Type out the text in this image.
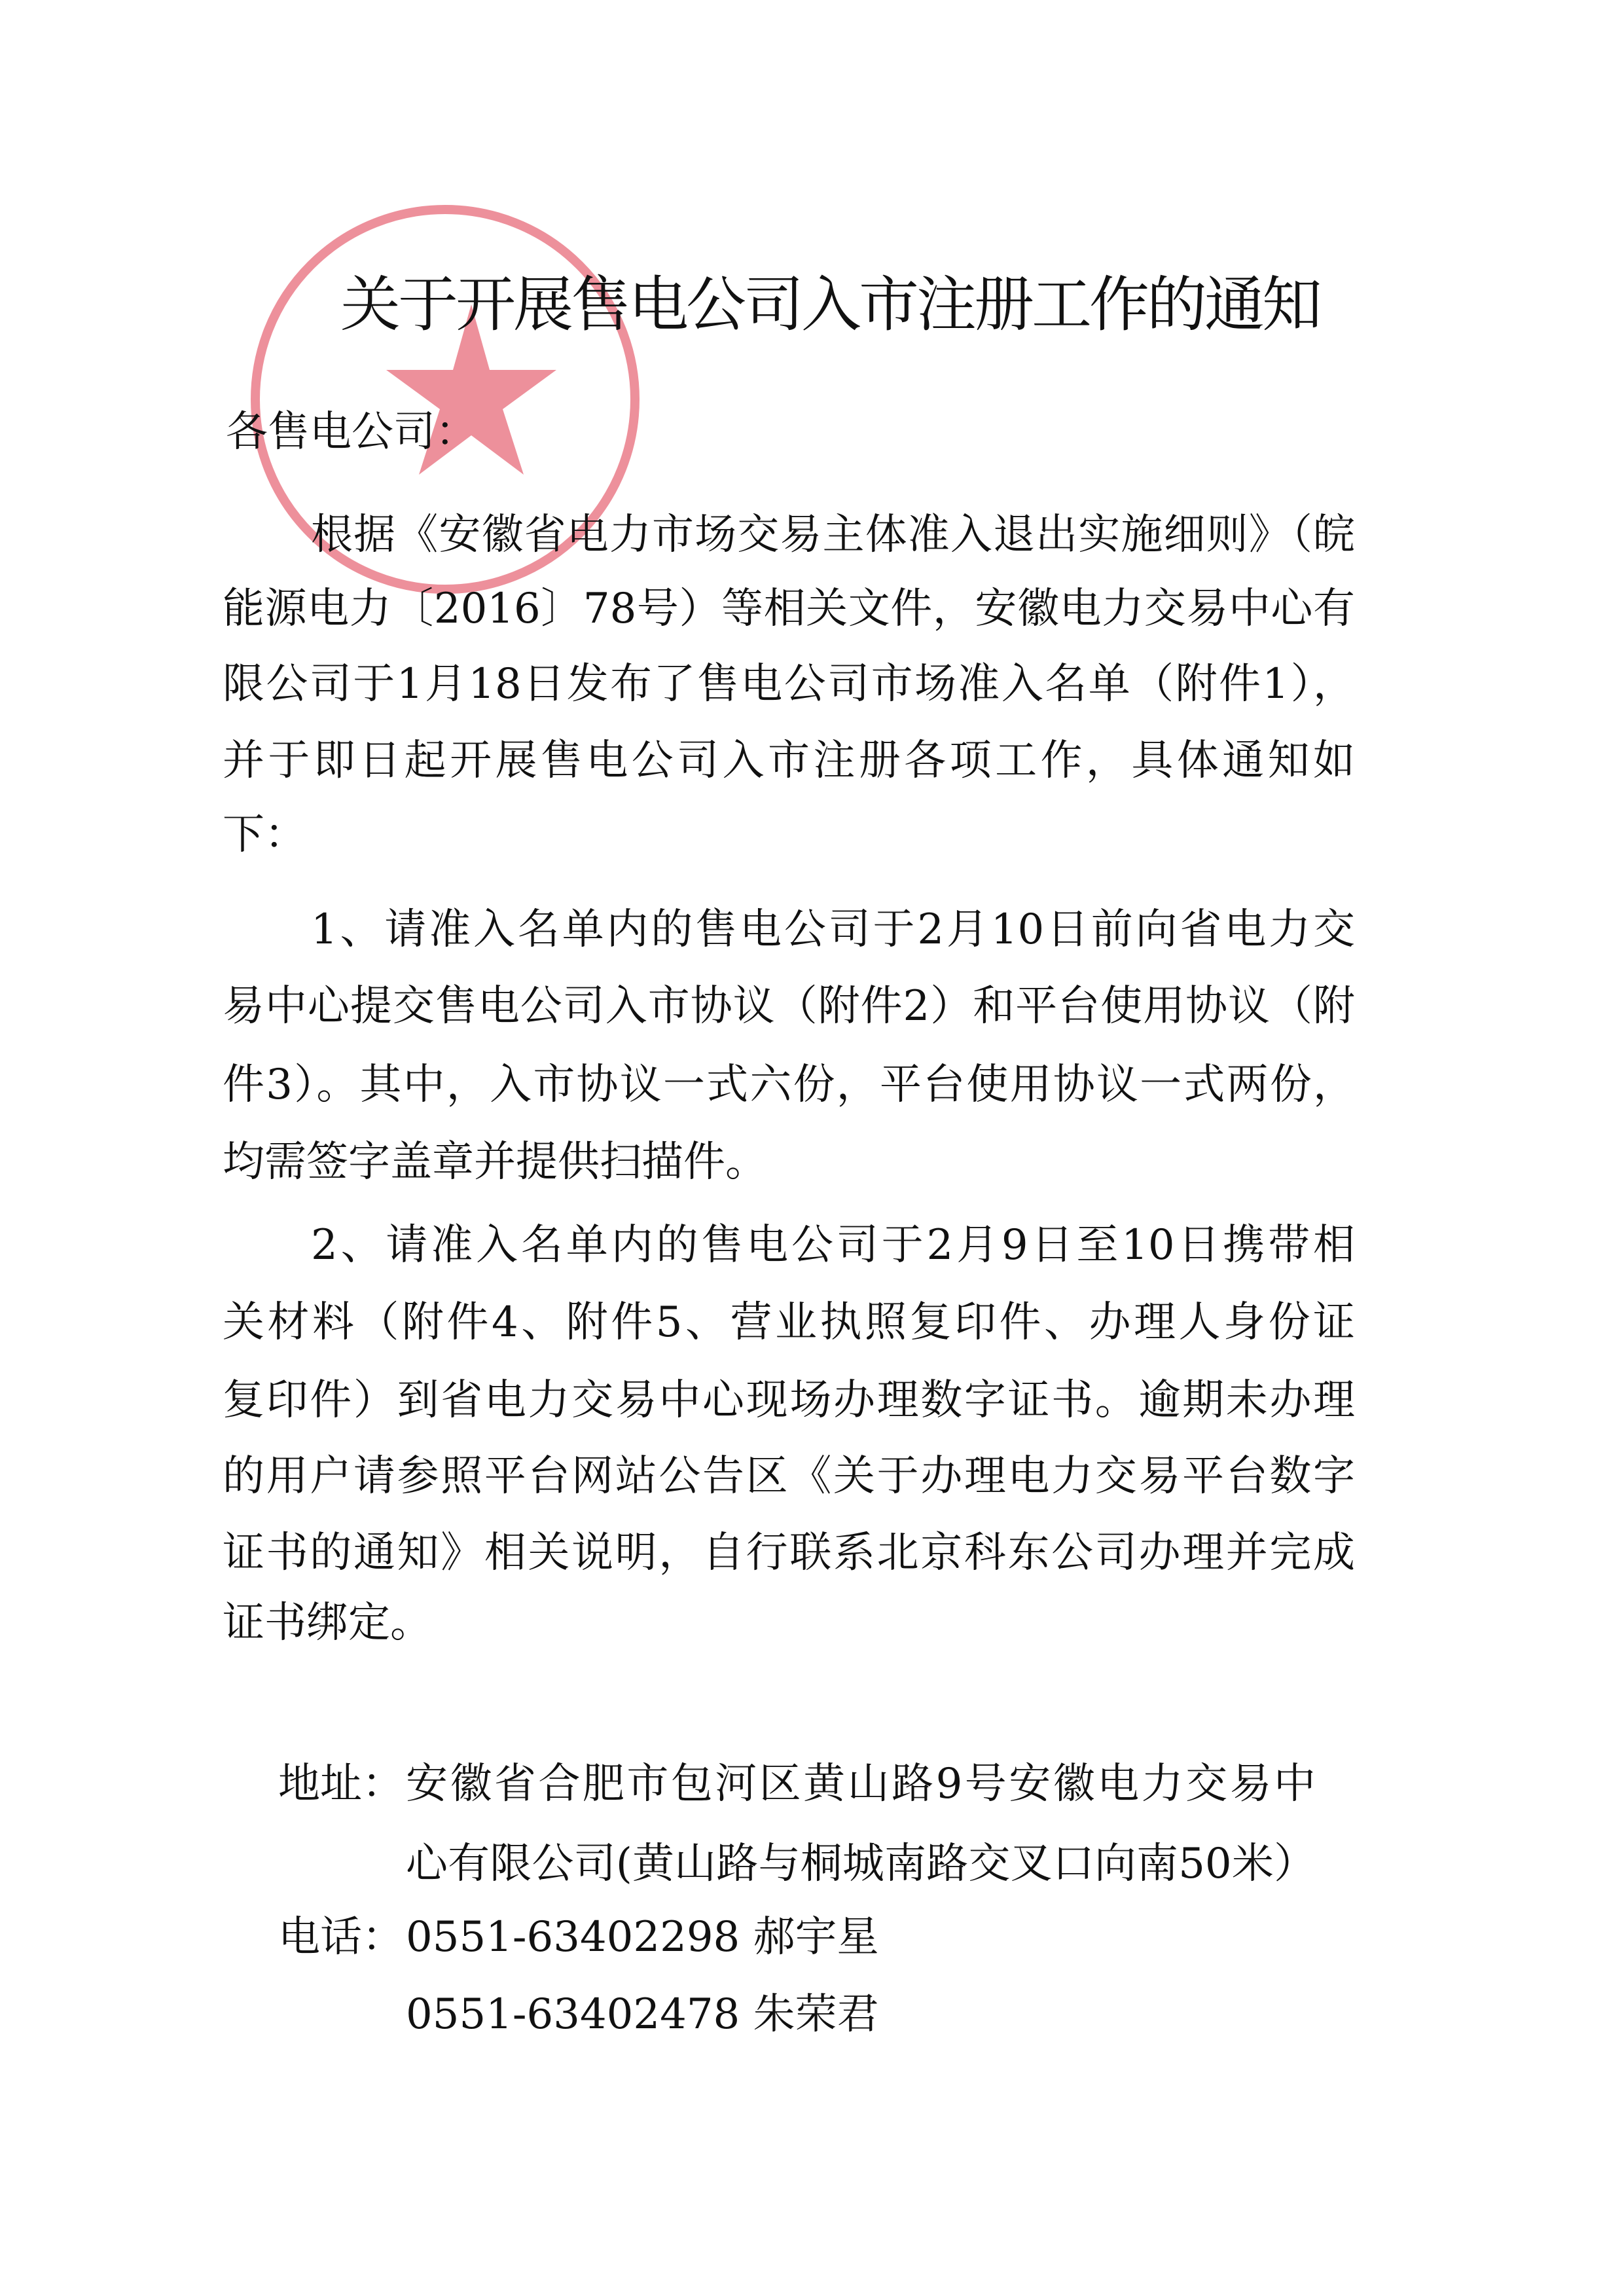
关于开展售电公司入市注册工作的通知
各售电公司：
根据《安徽省电力市场交易主体准入退出实施细则》（皖
能源电力〔2016〕78号）等相关文件，安徽电力交易中心有
限公司于1月18日发布了售电公司市场准入名单（附件1），
并于即日起开展售电公司入市注册各项工作，具体通知如
下：
1、请准入名单内的售电公司于2月10日前向省电力交
易中心提交售电公司入市协议（附件2）和平台使用协议（附
件3）。其中，入市协议一式六份，平台使用协议一式两份，
均需签字盖章并提供扫描件。
2、请准入名单内的售电公司于2月9日至10日携带相
关材料（附件4、附件5、营业执照复印件、办理人身份证
复印件）到省电力交易中心现场办理数字证书。逾期未办理
的用户请参照平台网站公告区《关于办理电力交易平台数字
证书的通知》相关说明，自行联系北京科东公司办理并完成
证书绑定。
地址： 安徽省合肥市包河区黄山路9号安徽电力交易中
心有限公司(黄山路与桐城南路交叉口向南50米）
电话： 0551-63402298 郝宇星
0551-63402478 朱荣君
